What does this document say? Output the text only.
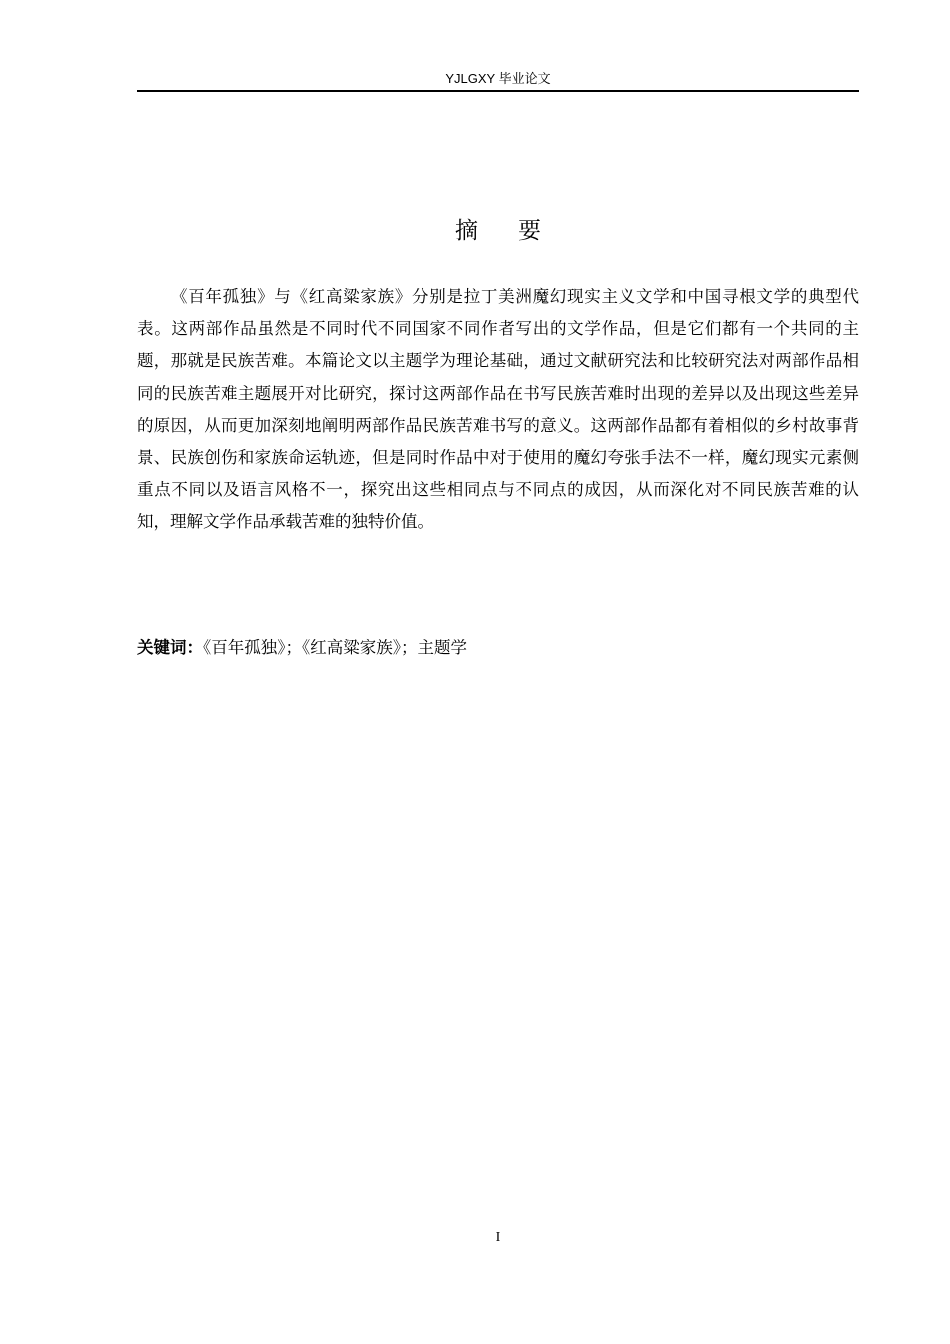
YJLGXY 毕业论文
摘要

《百年孤独》与《红高粱家族》分别是拉丁美洲魔幻现实主义文学和中国寻根文学的典型代表。这两部作品虽然是不同时代不同国家不同作者写出的文学作品，但是它们都有一个共同的主题，那就是民族苦难。本篇论文以主题学为理论基础，通过文献研究法和比较研究法对两部作品相同的民族苦难主题展开对比研究，探讨这两部作品在书写民族苦难时出现的差异以及出现这些差异的原因，从而更加深刻地阐明两部作品民族苦难书写的意义。这两部作品都有着相似的乡村故事背景、民族创伤和家族命运轨迹，但是同时作品中对于使用的魔幻夸张手法不一样，魔幻现实元素侧重点不同以及语言风格不一，探究出这些相同点与不同点的成因，从而深化对不同民族苦难的认知，理解文学作品承载苦难的独特价值。

关键词：《百年孤独》；《红高粱家族》；主题学

I
